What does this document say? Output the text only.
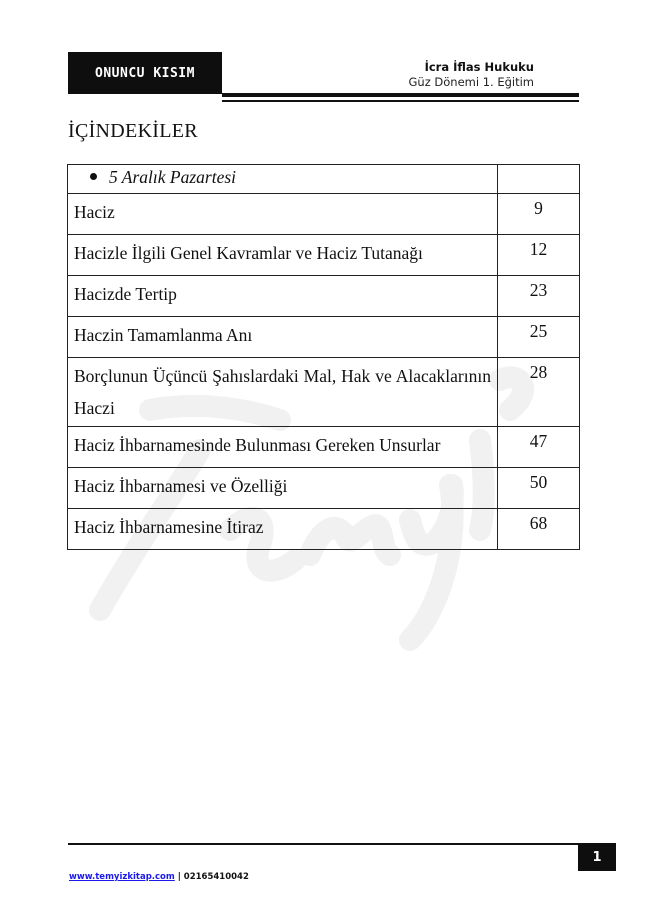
ONUNCU KISIM	İcra İflas Hukuku
Güz Dönemi 1. Eğitim
İÇİNDEKİLER
5 Aralık Pazartesi	
Haciz	9
Hacizle İlgili Genel Kavramlar ve Haciz Tutanağı	12
Hacizde Tertip	23
Haczin Tamamlanma Anı	25
Borçlunun Üçüncü Şahıslardaki Mal, Hak ve Alacaklarının Haczi	28
Haciz İhbarnamesinde Bulunması Gereken Unsurlar	47
Haciz İhbarnamesi ve Özelliği	50
Haciz İhbarnamesine İtiraz	68
1
www.temyizkitap.com | 02165410042
